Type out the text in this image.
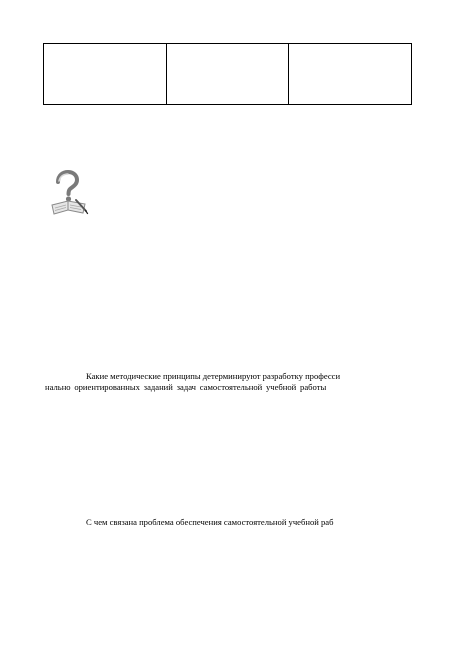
Какие методические принципы детерминируют разработку професси

нально ориентированных заданий задач самостоятельной учебной работы

С чем связана проблема обеспечения самостоятельной учебной раб
